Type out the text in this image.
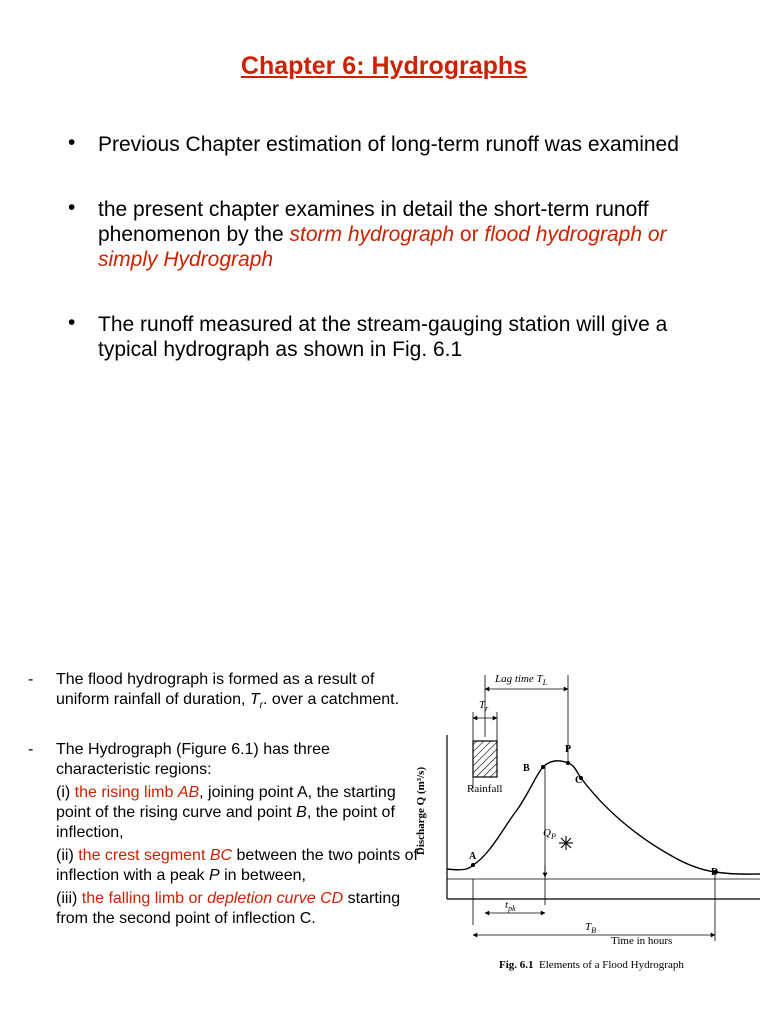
Chapter 6: Hydrographs
• Previous Chapter estimation of long-term runoff was examined
• the present chapter examines in detail the short-term runoff phenomenon by the storm hydrograph or flood hydrograph or simply Hydrograph
• The runoff measured at the stream-gauging station will give a typical hydrograph as shown in Fig. 6.1
- The flood hydrograph is formed as a result of uniform rainfall of duration, $T_r$. over a catchment.
- The Hydrograph (Figure 6.1) has three characteristic regions:
(i) the rising limb AB, joining point A, the starting point of the rising curve and point B, the point of inflection,
(ii) the crest segment BC between the two points of inflection with a peak P in between,
(iii) the falling limb or depletion curve CD starting from the second point of inflection C.
Lag time $T_L$
$T_r$
Rainfall
Discharge Q (m³/s)
A
B
P
C
D
$Q_P$
$t_{pk}$
$T_B$
Time in hours
Fig. 6.1 Elements of a Flood Hydrograph
